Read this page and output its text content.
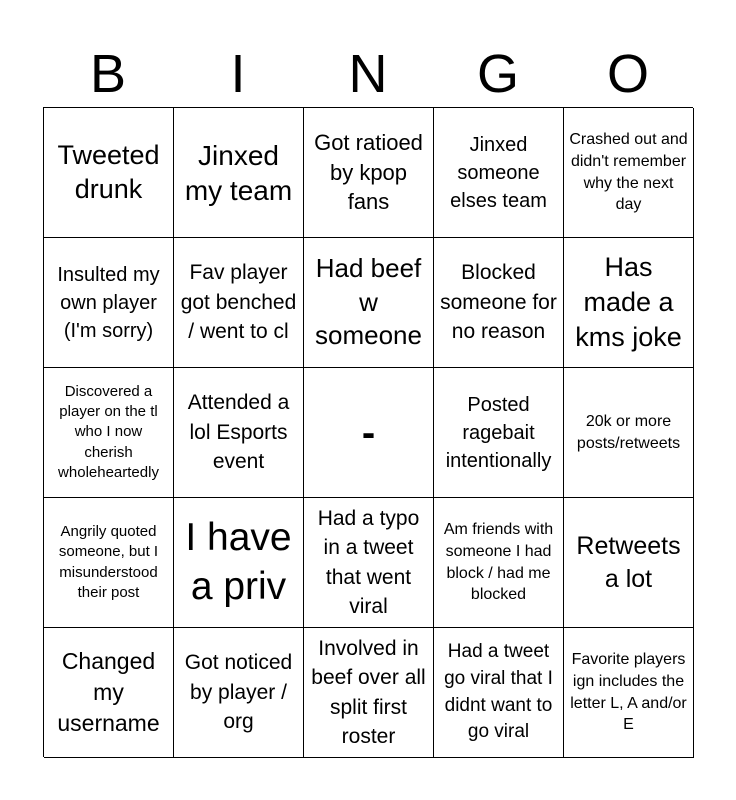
B	I	N	G	O
Tweeted drunk
Jinxed my team
Got ratioed by kpop fans
Jinxed someone elses team
Crashed out and didn't remember why the next day
Insulted my own player (I'm sorry)
Fav player got benched / went to cl
Had beef w someone
Blocked someone for no reason
Has made a kms joke
Discovered a player on the tl who I now cherish wholeheartedly
Attended a lol Esports event
-
Posted ragebait intentionally
20k or more posts/retweets
Angrily quoted someone, but I misunderstood their post
I have a priv
Had a typo in a tweet that went viral
Am friends with someone I had block / had me blocked
Retweets a lot
Changed my username
Got noticed by player / org
Involved in beef over all split first roster
Had a tweet go viral that I didnt want to go viral
Favorite players ign includes the letter L, A and/or E
